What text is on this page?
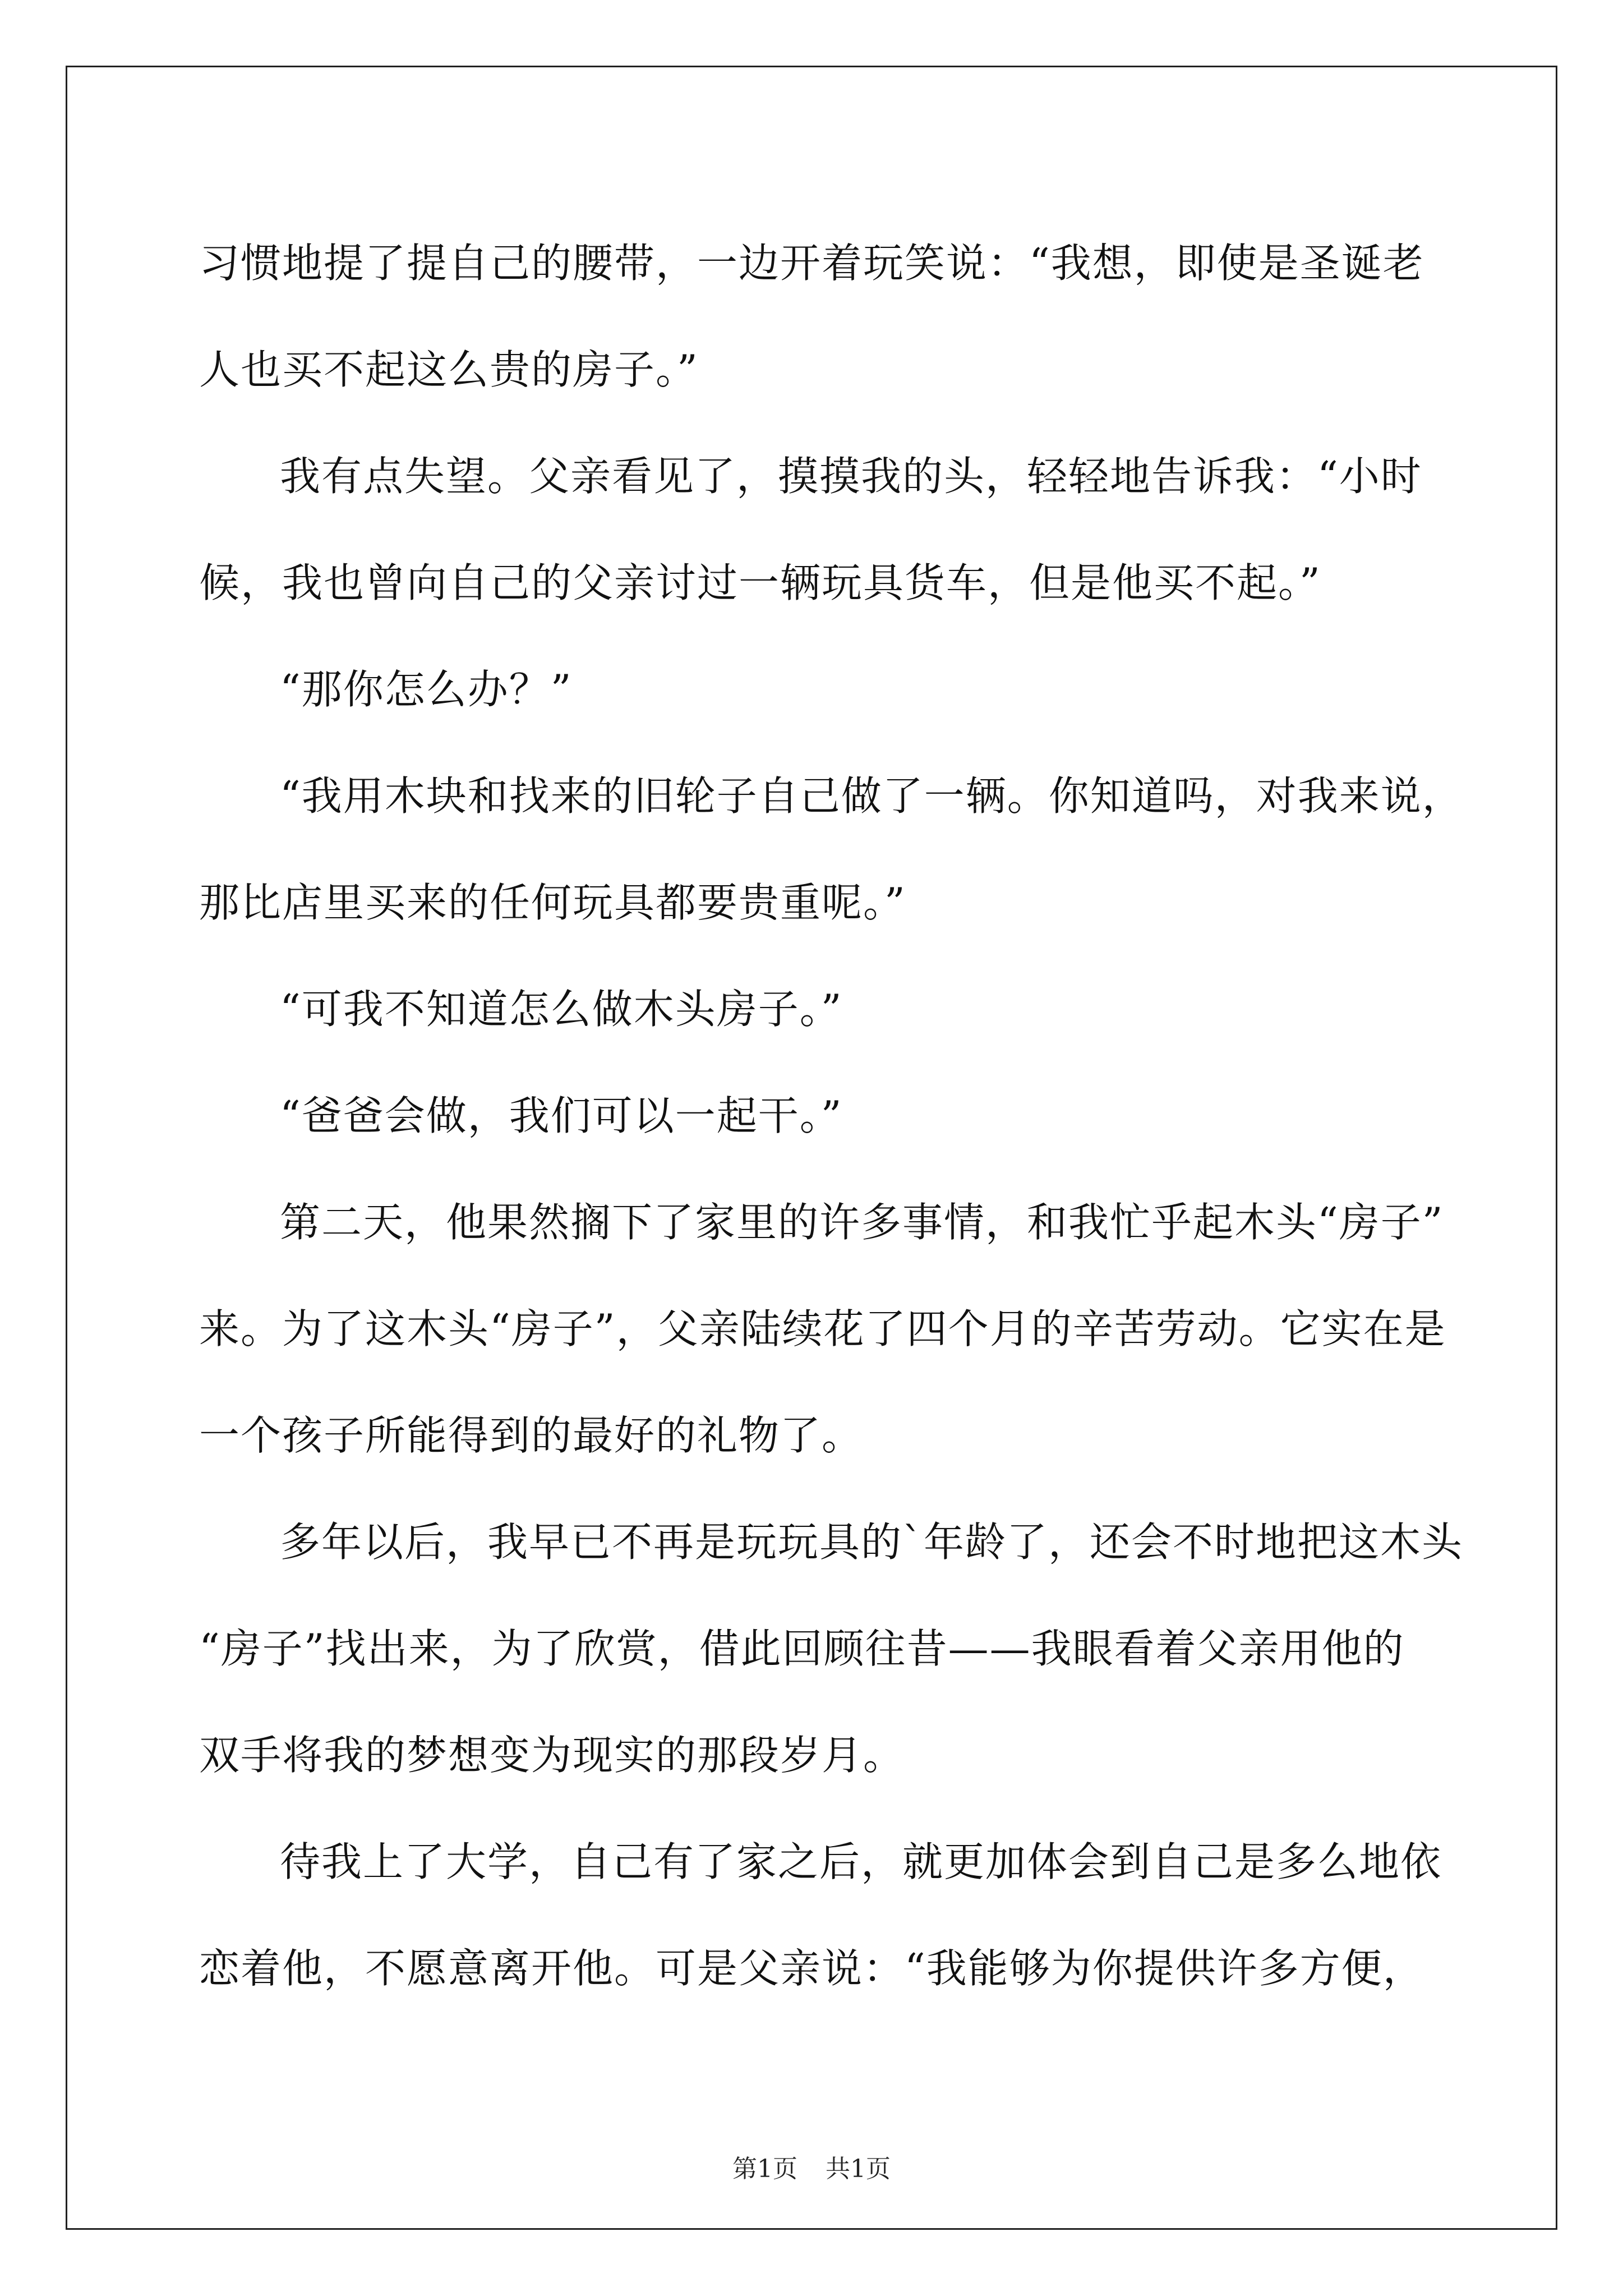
习惯地提了提自己的腰带，一边开着玩笑说：“我想，即使是圣诞老
人也买不起这么贵的房子。”
我有点失望。父亲看见了，摸摸我的头，轻轻地告诉我：“小时
候，我也曾向自己的父亲讨过一辆玩具货车，但是他买不起。”
“那你怎么办？”
“我用木块和找来的旧轮子自己做了一辆。你知道吗，对我来说，
那比店里买来的任何玩具都要贵重呢。”
“可我不知道怎么做木头房子。”
“爸爸会做，我们可以一起干。”
第二天，他果然搁下了家里的许多事情，和我忙乎起木头“房子”
来。为了这木头“房子”，父亲陆续花了四个月的辛苦劳动。它实在是
一个孩子所能得到的最好的礼物了。
多年以后，我早已不再是玩玩具的`年龄了，还会不时地把这木头
“房子”找出来，为了欣赏，借此回顾往昔——我眼看着父亲用他的
双手将我的梦想变为现实的那段岁月。
待我上了大学，自己有了家之后，就更加体会到自己是多么地依
恋着他，不愿意离开他。可是父亲说：“我能够为你提供许多方便，
第1页 共1页
